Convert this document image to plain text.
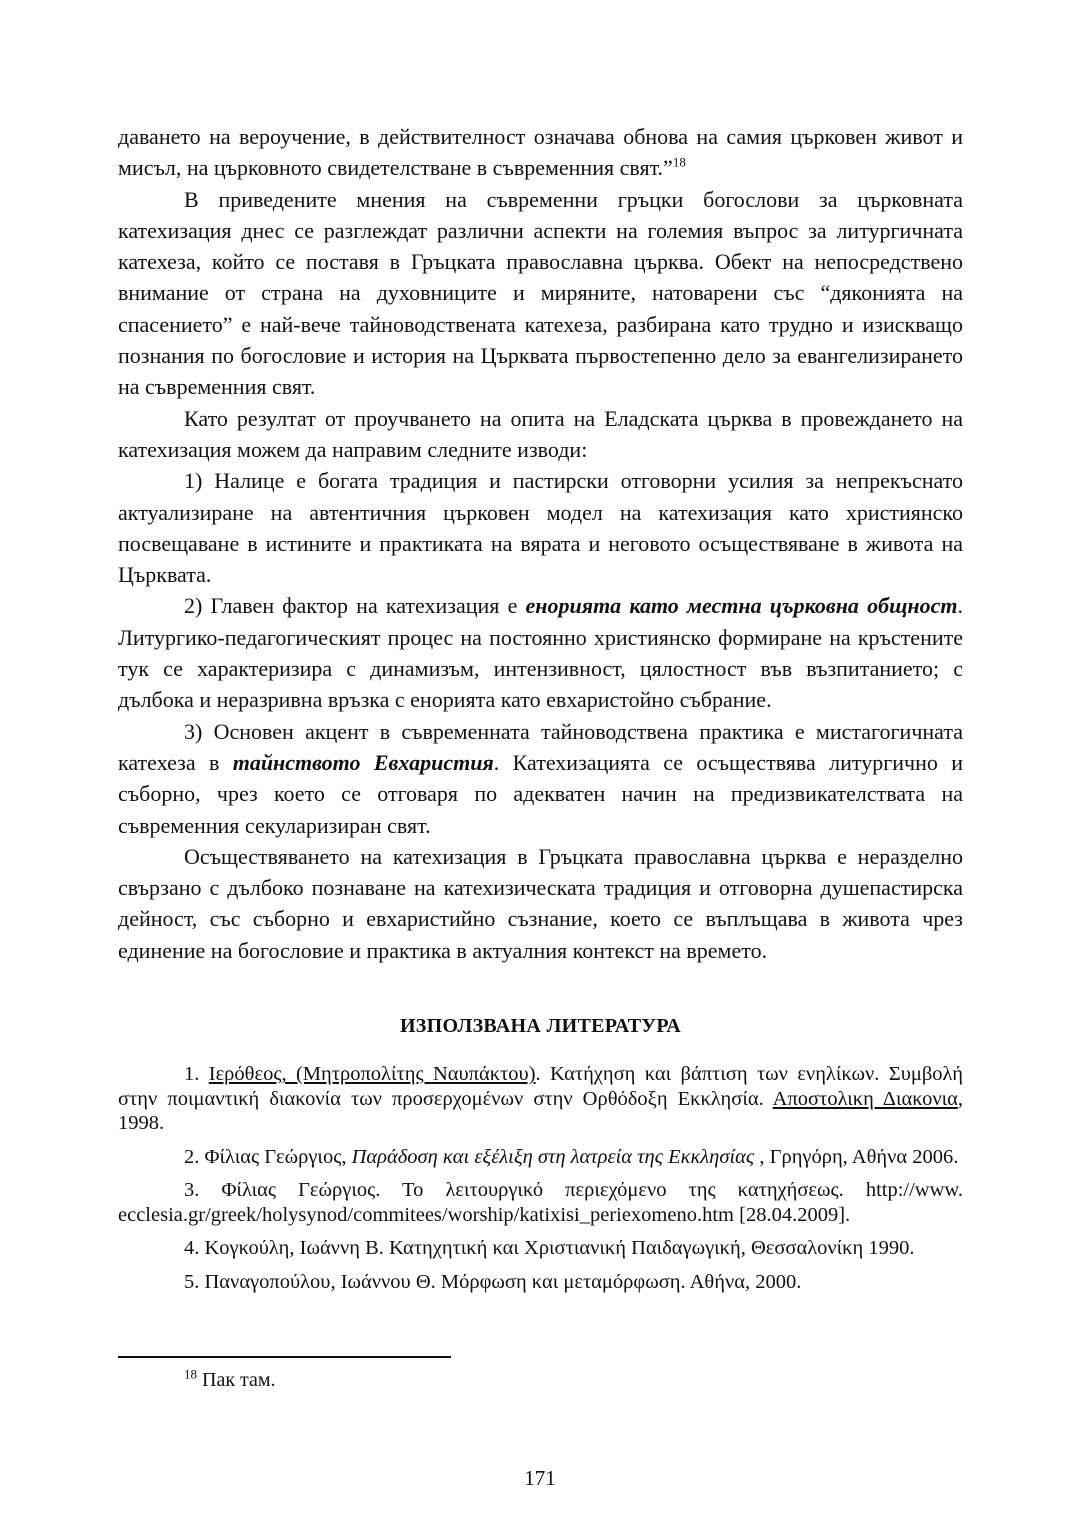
даването на вероучение, в действителност означава обнова на самия църковен живот и мисъл, на църковното свидетелстване в съвременния свят.”$^{18}$

В приведените мнения на съвременни гръцки богослови за църковната катехизация днес се разглеждат различни аспекти на големия въпрос за литургичната катехеза, който се поставя в Гръцката православна църква. Обект на непосредствено внимание от страна на духовниците и миряните, натоварени със “дяконията на спасението” е най-вече тайноводствената катехеза, разбирана като трудно и изискващо познания по богословие и история на Църквата първостепенно дело за евангелизирането на съвременния свят.

Като резултат от проучването на опита на Еладската църква в провеждането на катехизация можем да направим следните изводи:

1) Налице е богата традиция и пастирски отговорни усилия за непрекъснато актуализиране на автентичния църковен модел на катехизация като християнско посвещаване в истините и практиката на вярата и неговото осъществяване в живота на Църквата.

2) Главен фактор на катехизация е енорията като местна църковна общност. Литургико-педагогическият процес на постоянно християнско формиране на кръстените тук се характеризира с динамизъм, интензивност, цялостност във възпитанието; с дълбока и неразривна връзка с енорията като евхаристойно събрание.

3) Основен акцент в съвременната тайноводствена практика е мистагогичната катехеза в тайнството Евхаристия. Катехизацията се осъществява литургично и съборно, чрез което се отговаря по адекватен начин на предизвикателствата на съвременния секуларизиран свят.

Осъществяването на катехизация в Гръцката православна църква е неразделно свързано с дълбоко познаване на катехизическата традиция и отговорна душепастирска дейност, със съборно и евхаристийно съзнание, което се въплъщава в живота чрез единение на богословие и практика в актуалния контекст на времето.

ИЗПОЛЗВАНА ЛИТЕРАТУРА

1. Ιερόθεος, (Μητροπολίτης Ναυπάκτου). Κατήχηση και βάπτιση των ενηλίκων. Συμβολή στην ποιμαντική διακονία των προσερχομένων στην Ορθόδοξη Εκκλησία. Αποστολικη Διακονια, 1998.

2. Φίλιας Γεώργιος, Παράδοση και εξέλιξη στη λατρεία της Εκκλησίας , Γρηγόρη, Αθήνα 2006.

3. Φίλιας Γεώργιος. Το λειτουργικό περιεχόμενο της κατηχήσεως. http://www. ecclesia.gr/greek/holysynod/commitees/worship/katixisi_periexomeno.htm [28.04.2009].

4. Κογκούλη, Ιωάννη Β. Κατηχητική και Χριστιανική Παιδαγωγική, Θεσσαλονίκη 1990.

5. Παναγοπούλου, Ιωάννου Θ. Μόρφωση και μεταμόρφωση. Αθήνα, 2000.

$^{18}$ Пак там.
171
